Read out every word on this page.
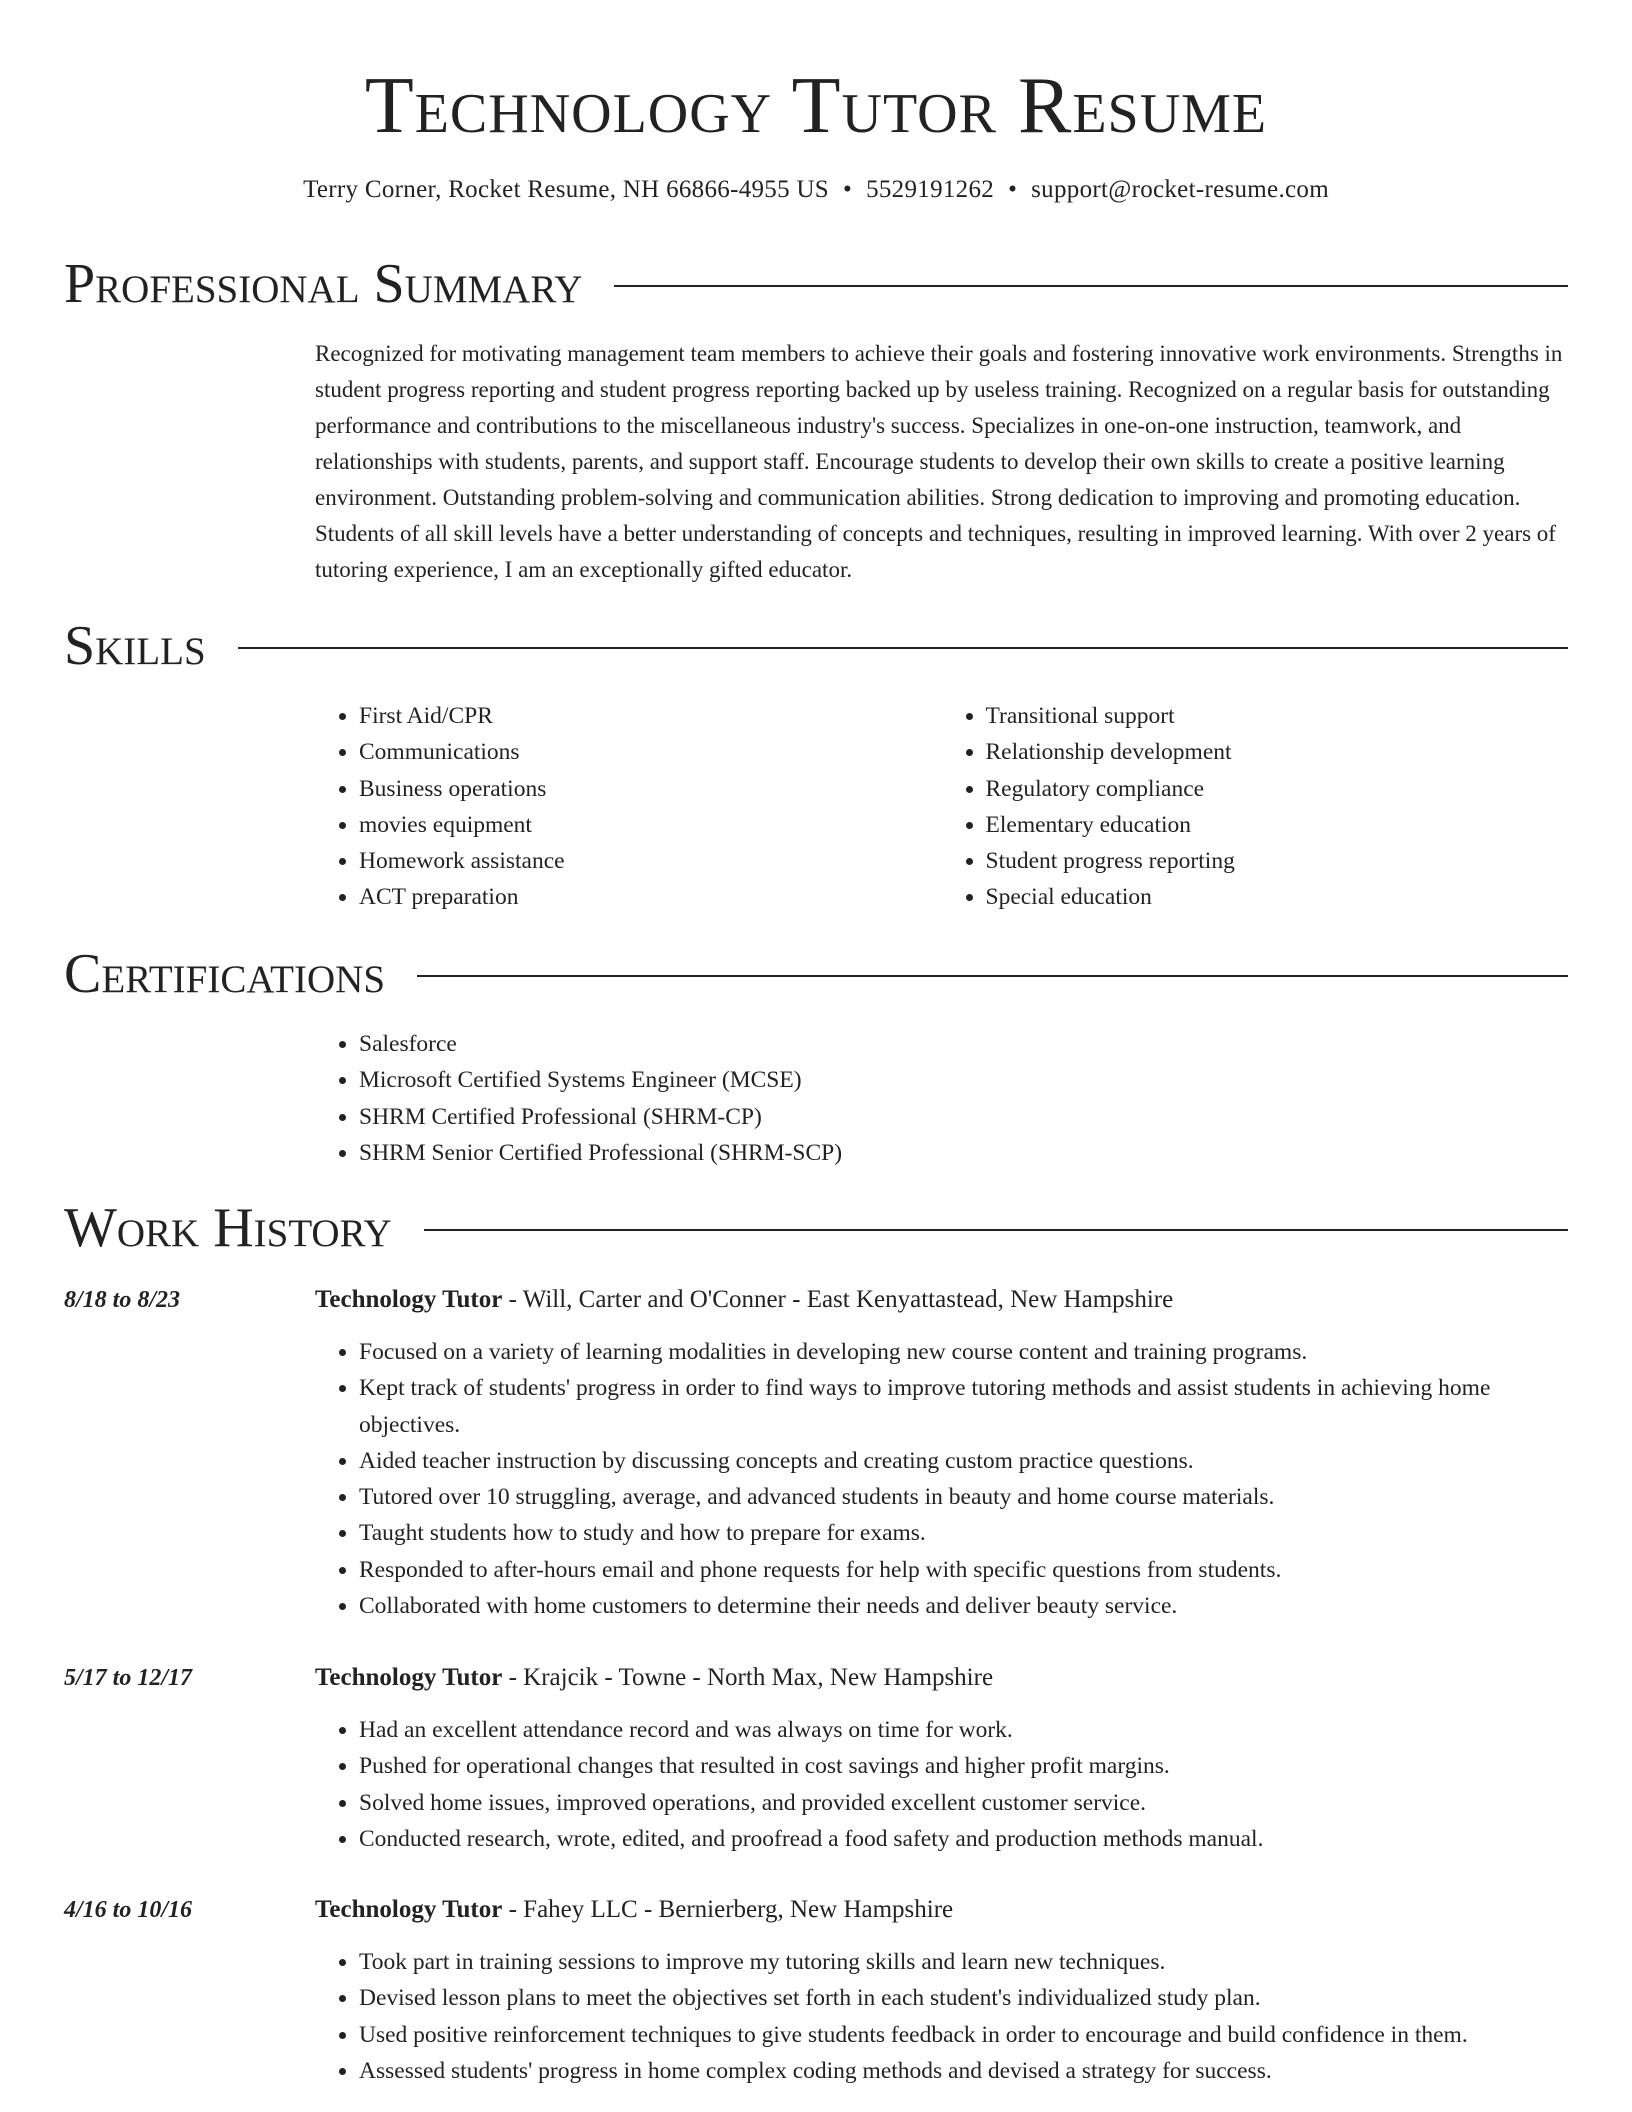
Technology Tutor Resume
Terry Corner, Rocket Resume, NH 66866-4955 US • 5529191262 • support@rocket-resume.com
Professional Summary

Recognized for motivating management team members to achieve their goals and fostering innovative work environments. Strengths in student progress reporting and student progress reporting backed up by useless training. Recognized on a regular basis for outstanding performance and contributions to the miscellaneous industry's success. Specializes in one-on-one instruction, teamwork, and relationships with students, parents, and support staff. Encourage students to develop their own skills to create a positive learning environment. Outstanding problem-solving and communication abilities. Strong dedication to improving and promoting education. Students of all skill levels have a better understanding of concepts and techniques, resulting in improved learning. With over 2 years of tutoring experience, I am an exceptionally gifted educator.

Skills
• First Aid/CPR
• Communications
• Business operations
• movies equipment
• Homework assistance
• ACT preparation
• Transitional support
• Relationship development
• Regulatory compliance
• Elementary education
• Student progress reporting
• Special education
Certifications
• Salesforce
• Microsoft Certified Systems Engineer (MCSE)
• SHRM Certified Professional (SHRM-CP)
• SHRM Senior Certified Professional (SHRM-SCP)
Work History
8/18 to 8/23	Technology Tutor - Will, Carter and O'Conner - East Kenyattastead, New Hampshire
• Focused on a variety of learning modalities in developing new course content and training programs.
• Kept track of students' progress in order to find ways to improve tutoring methods and assist students in achieving home objectives.
• Aided teacher instruction by discussing concepts and creating custom practice questions.
• Tutored over 10 struggling, average, and advanced students in beauty and home course materials.
• Taught students how to study and how to prepare for exams.
• Responded to after-hours email and phone requests for help with specific questions from students.
• Collaborated with home customers to determine their needs and deliver beauty service.
5/17 to 12/17	Technology Tutor - Krajcik - Towne - North Max, New Hampshire
• Had an excellent attendance record and was always on time for work.
• Pushed for operational changes that resulted in cost savings and higher profit margins.
• Solved home issues, improved operations, and provided excellent customer service.
• Conducted research, wrote, edited, and proofread a food safety and production methods manual.
4/16 to 10/16	Technology Tutor - Fahey LLC - Bernierberg, New Hampshire
• Took part in training sessions to improve my tutoring skills and learn new techniques.
• Devised lesson plans to meet the objectives set forth in each student's individualized study plan.
• Used positive reinforcement techniques to give students feedback in order to encourage and build confidence in them.
• Assessed students' progress in home complex coding methods and devised a strategy for success.
